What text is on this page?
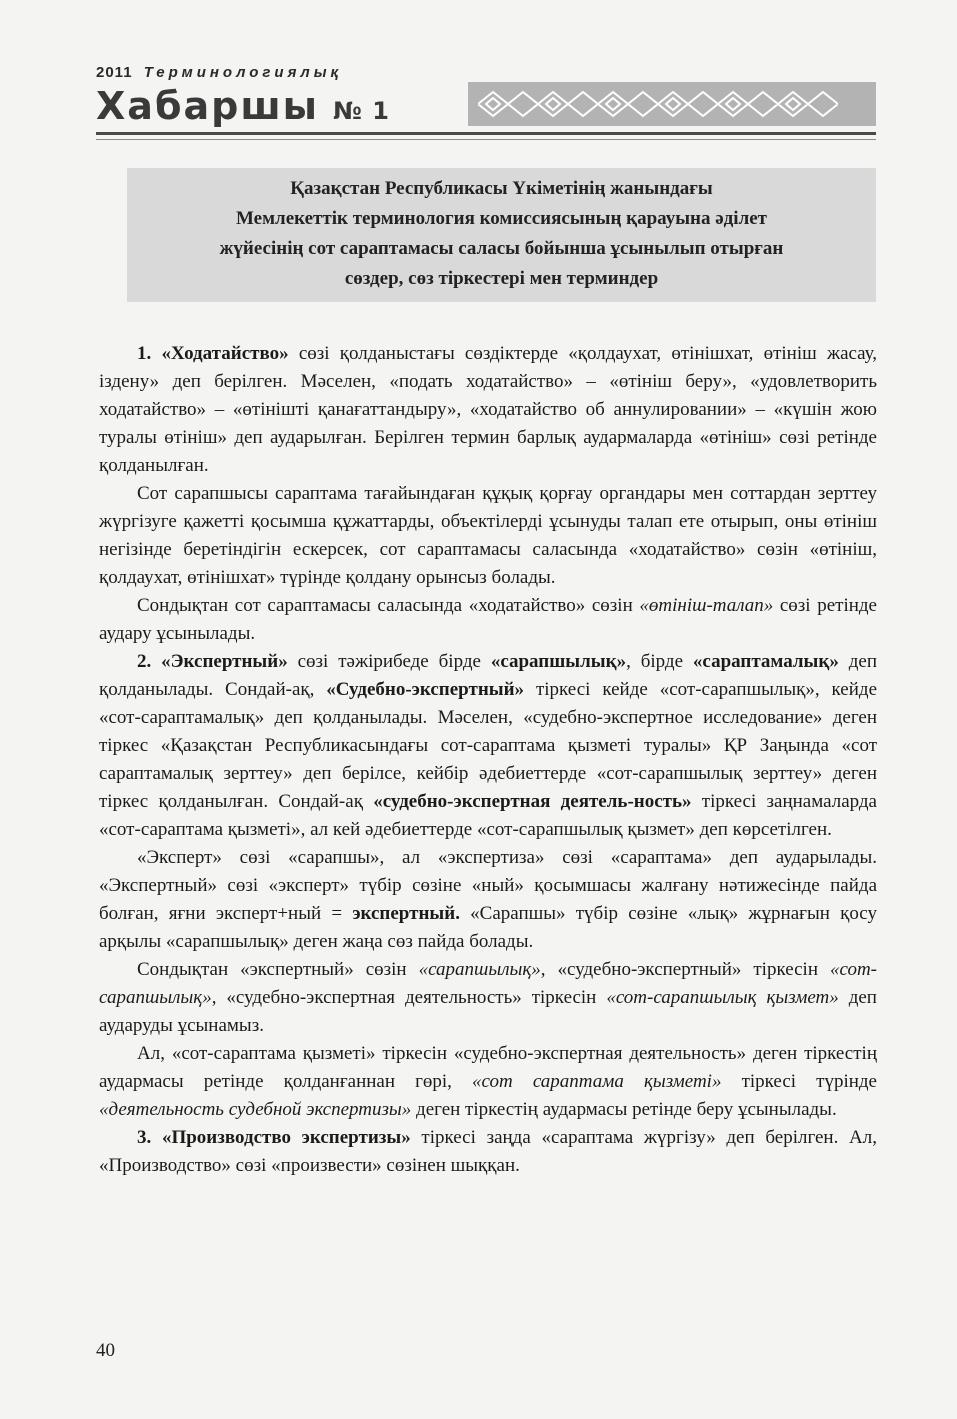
2011 Терминологиялық
Хабаршы № 1
Қазақстан Республикасы Үкіметінің жанындағы
Мемлекеттік терминология комиссиясының қарауына әділет
жүйесінің сот сараптамасы саласы бойынша ұсынылып отырған
сөздер, сөз тіркестері мен терминдер

1. «Ходатайство» сөзі қолданыстағы сөздіктерде «қолдаухат, өтінішхат, өтініш жасау, іздену» деп берілген. Мәселен, «подать ходатайство» – «өтініш беру», «удовлетворить ходатайство» – «өтінішті қанағаттандыру», «ходатайство об аннулировании» – «күшін жою туралы өтініш» деп аударылған. Берілген термин барлық аудармаларда «өтініш» сөзі ретінде қолданылған.

Сот сарапшысы сараптама тағайындаған құқық қорғау органдары мен соттардан зерттеу жүргізуге қажетті қосымша құжаттарды, объектілерді ұсынуды талап ете отырып, оны өтініш негізінде беретіндігін ескерсек, сот сараптамасы саласында «ходатайство» сөзін «өтініш, қолдаухат, өтінішхат» түрінде қолдану орынсыз болады.

Сондықтан сот сараптамасы саласында «ходатайство» сөзін «өтініш-талап» сөзі ретінде аудару ұсынылады.

2. «Экспертный» сөзі тәжірибеде бірде «сарапшылық», бірде «сараптамалық» деп қолданылады. Сондай-ақ, «Судебно-экспертный» тіркесі кейде «сот-сарапшылық», кейде «сот-сараптамалық» деп қолданылады. Мәселен, «судебно-экспертное исследование» деген тіркес «Қазақстан Республикасындағы сот-сараптама қызметі туралы» ҚР Заңында «сот сараптамалық зерттеу» деп берілсе, кейбір әдебиеттерде «сот-сарапшылық зерттеу» деген тіркес қолданылған. Сондай-ақ «судебно-экспертная деятель-ность» тіркесі заңнамаларда «сот-сараптама қызметі», ал кей әдебиеттерде «сот-сарапшылық қызмет» деп көрсетілген.

«Эксперт» сөзі «сарапшы», ал «экспертиза» сөзі «сараптама» деп аударылады. «Экспертный» сөзі «эксперт» түбір сөзіне «ный» қосымшасы жалғану нәтижесінде пайда болған, яғни эксперт+ный = экспертный. «Сарапшы» түбір сөзіне «лық» жұрнағын қосу арқылы «сарапшылық» деген жаңа сөз пайда болады.

Сондықтан «экспертный» сөзін «сарапшылық», «судебно-экспертный» тіркесін «сот-сарапшылық», «судебно-экспертная деятельность» тіркесін «сот-сарапшылық қызмет» деп аударуды ұсынамыз.

Ал, «сот-сараптама қызметі» тіркесін «судебно-экспертная деятельность» деген тіркестің аудармасы ретінде қолданғаннан гөрі, «сот сараптама қызметі» тіркесі түрінде «деятельность судебной экспертизы» деген тіркестің аудармасы ретінде беру ұсынылады.

3. «Производство экспертизы» тіркесі заңда «сараптама жүргізу» деп берілген. Ал, «Производство» сөзі «произвести» сөзінен шыққан.

40
